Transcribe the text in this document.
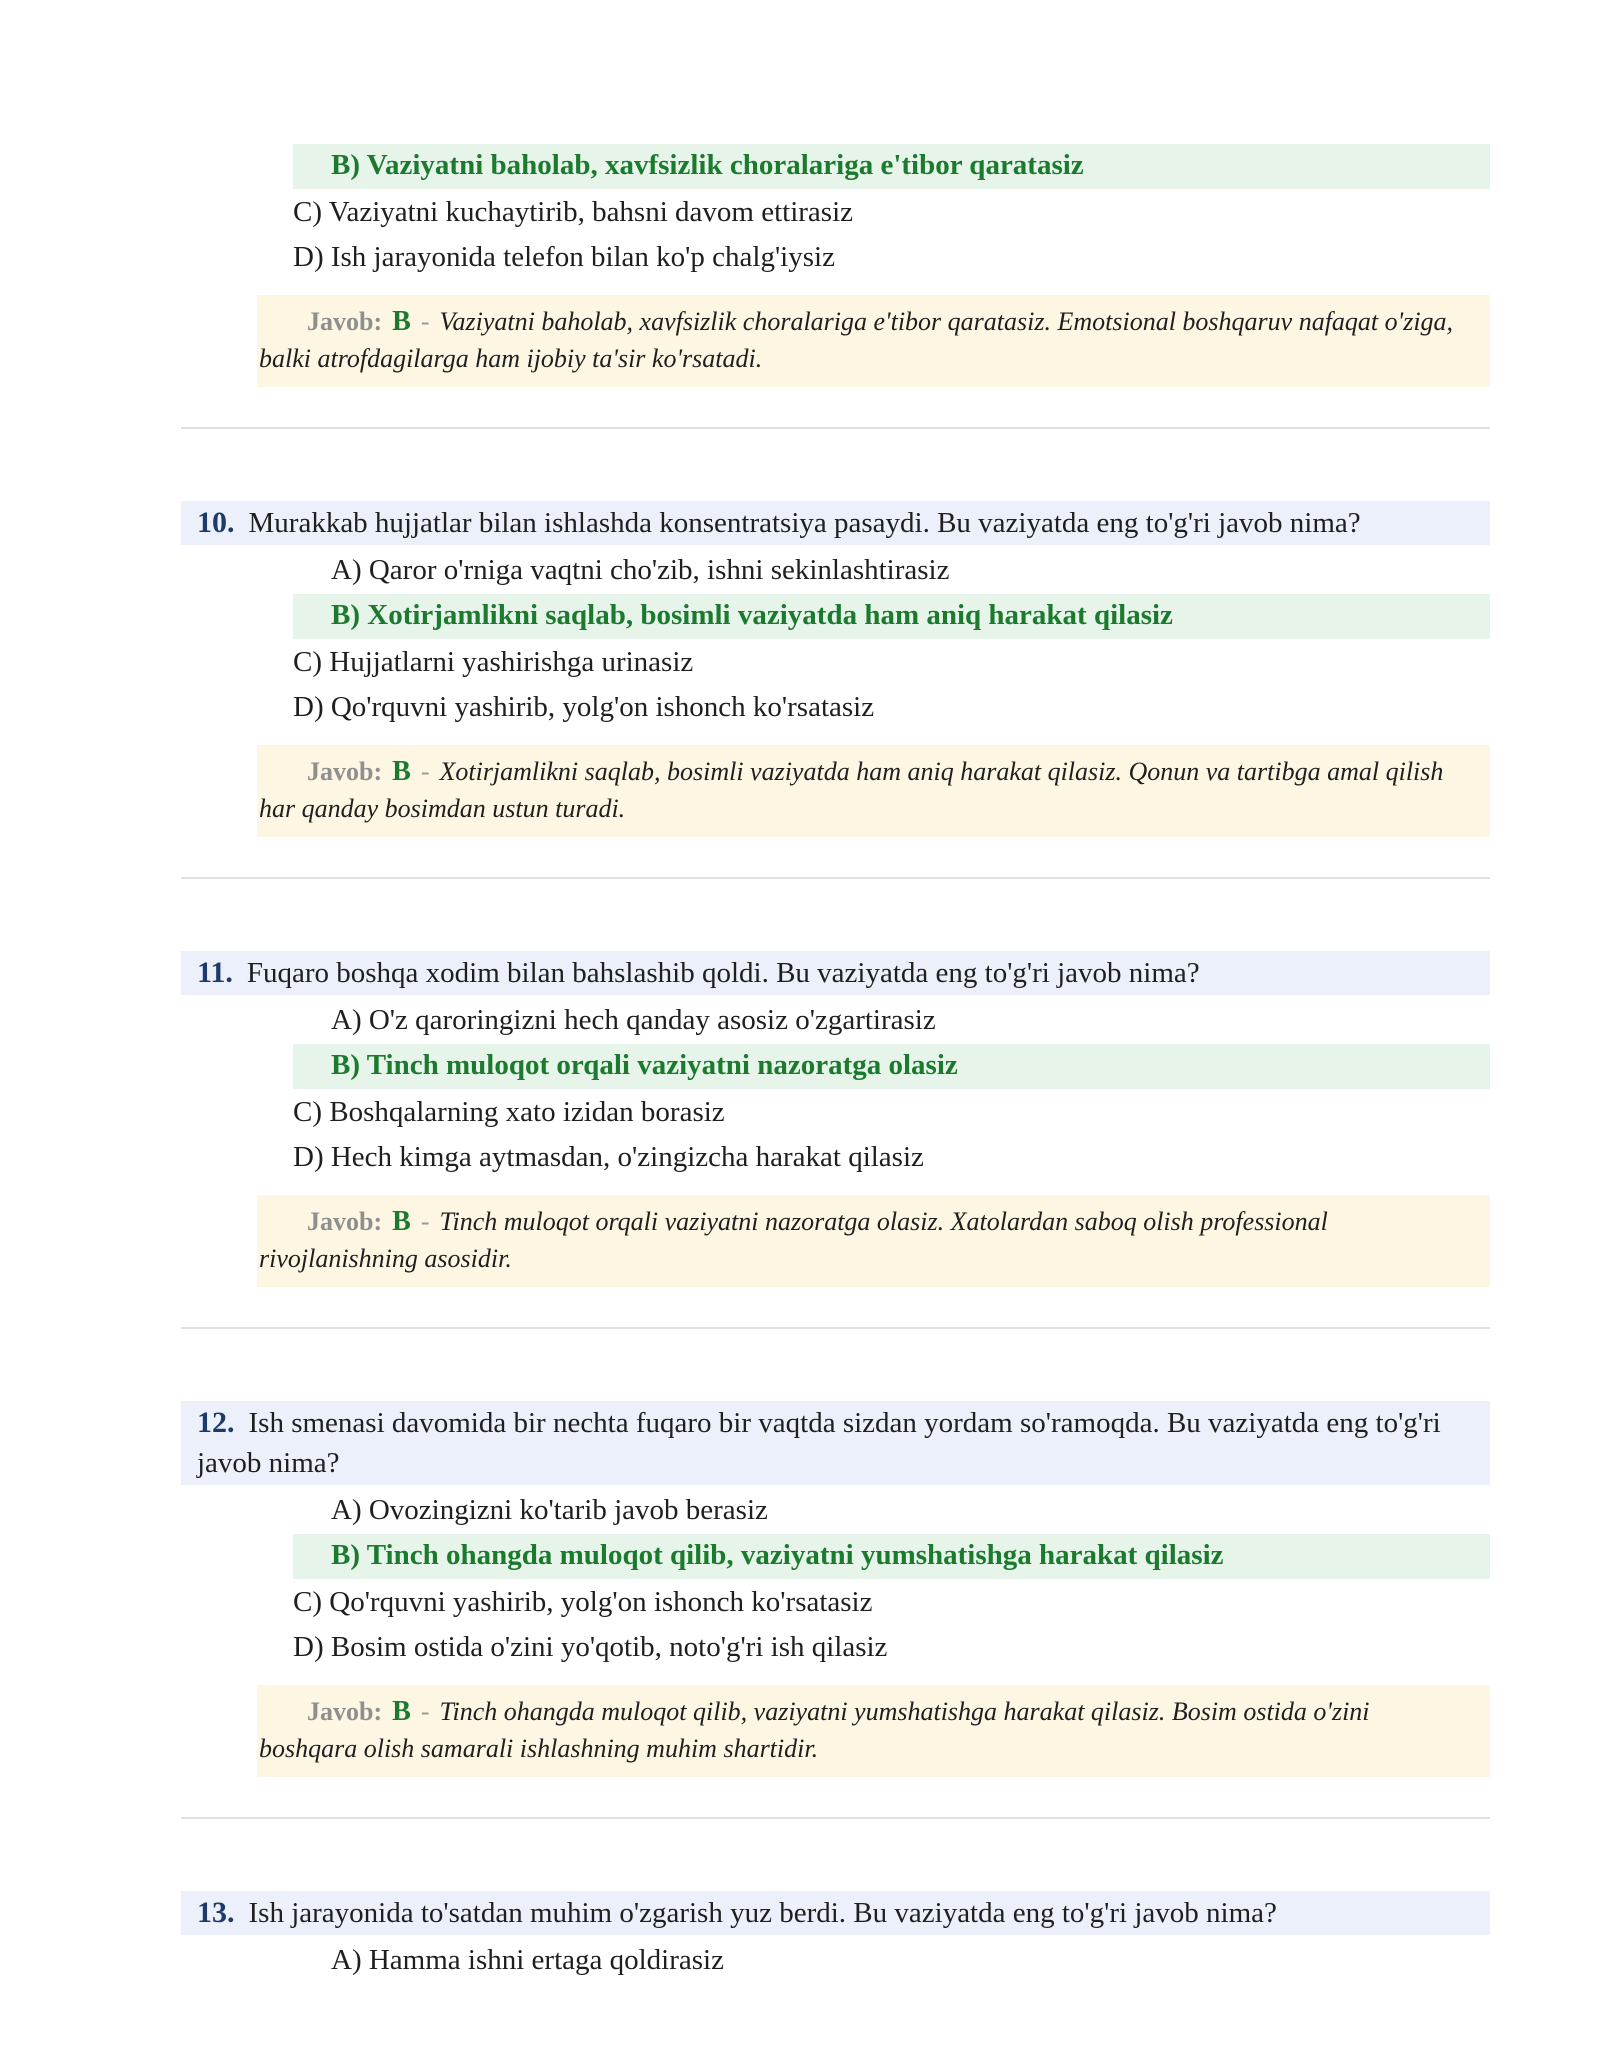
B) Vaziyatni baholab, xavfsizlik choralariga e'tibor qaratasiz
C) Vaziyatni kuchaytirib, bahsni davom ettirasiz
D) Ish jarayonida telefon bilan ko'p chalg'iysiz
Javob: B - Vaziyatni baholab, xavfsizlik choralariga e'tibor qaratasiz. Emotsional boshqaruv nafaqat o'ziga, balki atrofdagilarga ham ijobiy ta'sir ko'rsatadi.
10. Murakkab hujjatlar bilan ishlashda konsentratsiya pasaydi. Bu vaziyatda eng to'g'ri javob nima?
A) Qaror o'rniga vaqtni cho'zib, ishni sekinlashtirasiz
B) Xotirjamlikni saqlab, bosimli vaziyatda ham aniq harakat qilasiz
C) Hujjatlarni yashirishga urinasiz
D) Qo'rquvni yashirib, yolg'on ishonch ko'rsatasiz
Javob: B - Xotirjamlikni saqlab, bosimli vaziyatda ham aniq harakat qilasiz. Qonun va tartibga amal qilish har qanday bosimdan ustun turadi.
11. Fuqaro boshqa xodim bilan bahslashib qoldi. Bu vaziyatda eng to'g'ri javob nima?
A) O'z qaroringizni hech qanday asosiz o'zgartirasiz
B) Tinch muloqot orqali vaziyatni nazoratga olasiz
C) Boshqalarning xato izidan borasiz
D) Hech kimga aytmasdan, o'zingizcha harakat qilasiz
Javob: B - Tinch muloqot orqali vaziyatni nazoratga olasiz. Xatolardan saboq olish professional rivojlanishning asosidir.
12. Ish smenasi davomida bir nechta fuqaro bir vaqtda sizdan yordam so'ramoqda. Bu vaziyatda eng to'g'ri javob nima?
A) Ovozingizni ko'tarib javob berasiz
B) Tinch ohangda muloqot qilib, vaziyatni yumshatishga harakat qilasiz
C) Qo'rquvni yashirib, yolg'on ishonch ko'rsatasiz
D) Bosim ostida o'zini yo'qotib, noto'g'ri ish qilasiz
Javob: B - Tinch ohangda muloqot qilib, vaziyatni yumshatishga harakat qilasiz. Bosim ostida o'zini boshqara olish samarali ishlashning muhim shartidir.
13. Ish jarayonida to'satdan muhim o'zgarish yuz berdi. Bu vaziyatda eng to'g'ri javob nima?
A) Hamma ishni ertaga qoldirasiz
